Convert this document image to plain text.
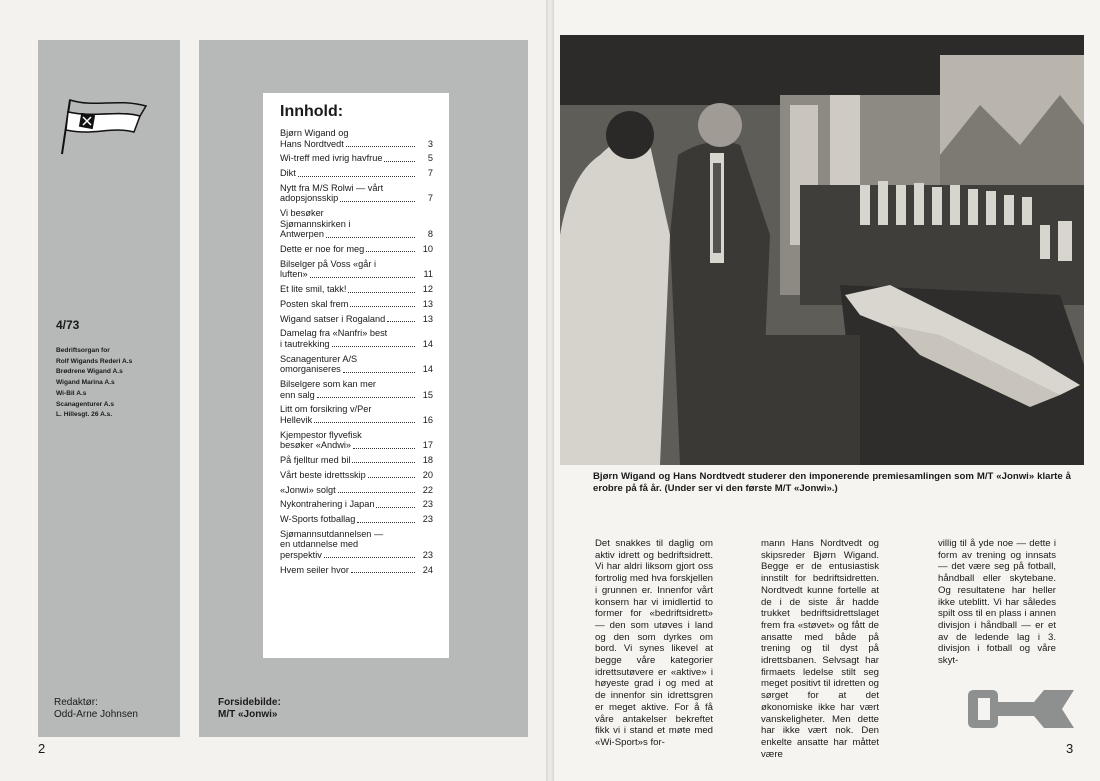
4/73
Bedriftsorgan for
Rolf Wigands Rederi A.s
Brødrene Wigand A.s
Wigand Marina A.s
Wi-Bil A.s
Scanagenturer A.s
L. Hillesgt. 26 A.s.
Redaktør:
Odd-Arne Johnsen
Forsidebilde:
M/T «Jonwi»
2
Innhold:
Bjørn Wigand og
Hans Nordtvedt	3
Wi-treff med ivrig havfrue	5
Dikt	7
Nytt fra M/S Rolwi — vårt
adopsjonsskip	7
Vi besøker
Sjømannskirken i
Antwerpen	8
Dette er noe for meg	10
Bilselger på Voss «går i
luften»	11
Et lite smil, takk!	12
Posten skal frem	13
Wigand satser i Rogaland	13
Damelag fra «Nanfri» best
i tautrekking	14
Scanagenturer A/S
omorganiseres	14
Bilselgere som kan mer
enn salg	15
Litt om forsikring v/Per
Hellevik	16
Kjempestor flyvefisk
besøker «Andwi»	17
På fjelltur med bil	18
Vårt beste idrettsskip	20
«Jonwi» solgt	22
Nykontrahering i Japan	23
W-Sports fotballag	23
Sjømannsutdannelsen —
en utdannelse med
perspektiv	23
Hvem seiler hvor	24
Bjørn Wigand og Hans Nordtvedt studerer den imponerende premiesamlingen som M/T «Jonwi» klarte å erobre på få år. (Under ser vi den første M/T «Jonwi».)
Det snakkes til daglig om aktiv idrett og bedriftsidrett. Vi har aldri liksom gjort oss fortrolig med hva forskjellen i grunnen er. Innenfor vårt konsern har vi imidlertid to former for «bedriftsidrett» — den som utøves i land og den som dyrkes om bord. Vi synes likevel at begge våre kategorier idrettsutøvere er «aktive» i høyeste grad i og med at de innenfor sin idrettsgren er meget aktive. For å få våre antakelser bekreftet fikk vi i stand et møte med «Wi-Sport»s for-
mann Hans Nordtvedt og skipsreder Bjørn Wigand. Begge er de entusiastisk innstilt for bedriftsidretten. Nordtvedt kunne fortelle at de i de siste år hadde trukket bedriftsidrettslaget frem fra «støvet» og fått de ansatte med både på trening og til dyst på idrettsbanen. Selvsagt har firmaets ledelse stilt seg meget positivt til idretten og sørget for at det økonomiske ikke har vært vanskeligheter. Men dette har ikke vært nok. Den enkelte ansatte har måttet være
villig til å yde noe — dette i form av trening og innsats — det være seg på fotball, håndball eller skytebane. Og resultatene har heller ikke uteblitt. Vi har således spilt oss til en plass i annen divisjon i håndball — er et av de ledende lag i 3. divisjon i fotball og våre skyt-
3
